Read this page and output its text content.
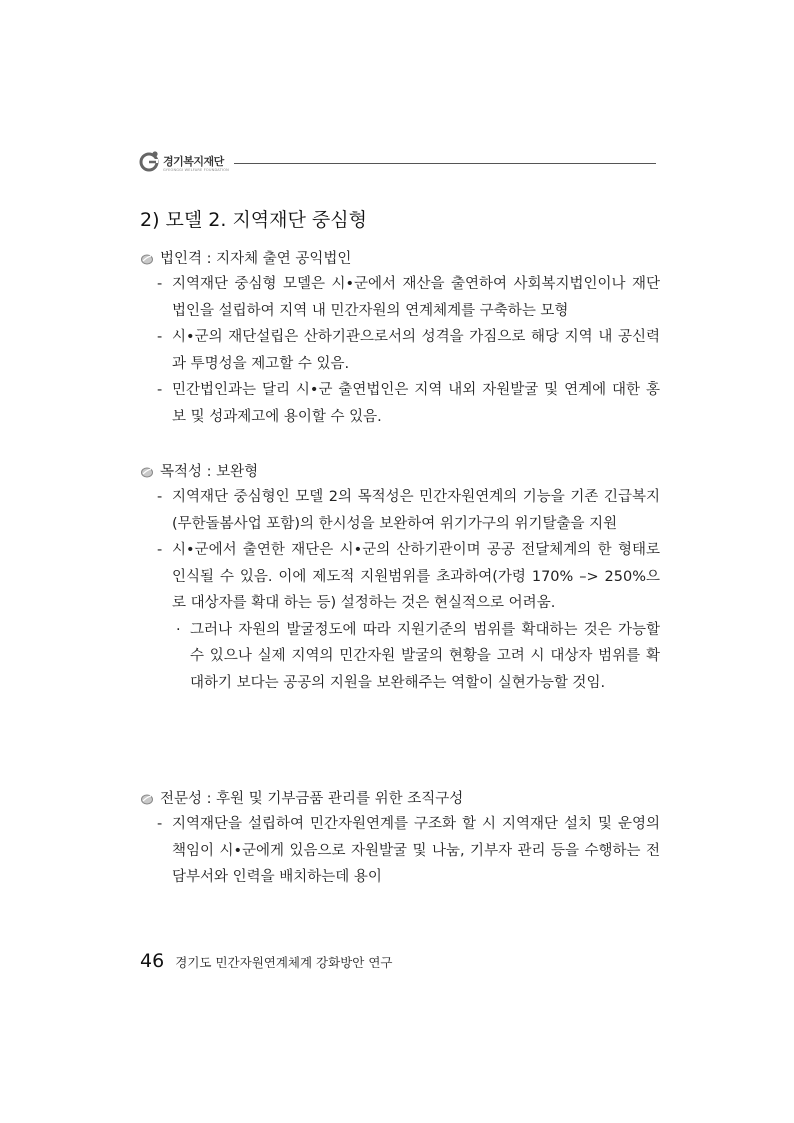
경기복지재단
GYEONGGI WELFARE FOUNDATION
2) 모델 2. 지역재단 중심형
법인격 : 지자체 출연 공익법인
- 지역재단 중심형 모델은 시•군에서 재산을 출연하여 사회복지법인이나 재단법인을 설립하여 지역 내 민간자원의 연계체계를 구축하는 모형
- 시•군의 재단설립은 산하기관으로서의 성격을 가짐으로 해당 지역 내 공신력과 투명성을 제고할 수 있음.
- 민간법인과는 달리 시•군 출연법인은 지역 내외 자원발굴 및 연계에 대한 홍보 및 성과제고에 용이할 수 있음.
목적성 : 보완형
- 지역재단 중심형인 모델 2의 목적성은 민간자원연계의 기능을 기존 긴급복지(무한돌봄사업 포함)의 한시성을 보완하여 위기가구의 위기탈출을 지원
- 시•군에서 출연한 재단은 시•군의 산하기관이며 공공 전달체계의 한 형태로 인식될 수 있음. 이에 제도적 지원범위를 초과하여(가령 170% –> 250%으로 대상자를 확대 하는 등) 설정하는 것은 현실적으로 어려움.
· 그러나 자원의 발굴정도에 따라 지원기준의 범위를 확대하는 것은 가능할 수 있으나 실제 지역의 민간자원 발굴의 현황을 고려 시 대상자 범위를 확대하기 보다는 공공의 지원을 보완해주는 역할이 실현가능할 것임.
전문성 : 후원 및 기부금품 관리를 위한 조직구성
- 지역재단을 설립하여 민간자원연계를 구조화 할 시 지역재단 설치 및 운영의 책임이 시•군에게 있음으로 자원발굴 및 나눔, 기부자 관리 등을 수행하는 전담부서와 인력을 배치하는데 용이
46 경기도 민간자원연계체계 강화방안 연구
